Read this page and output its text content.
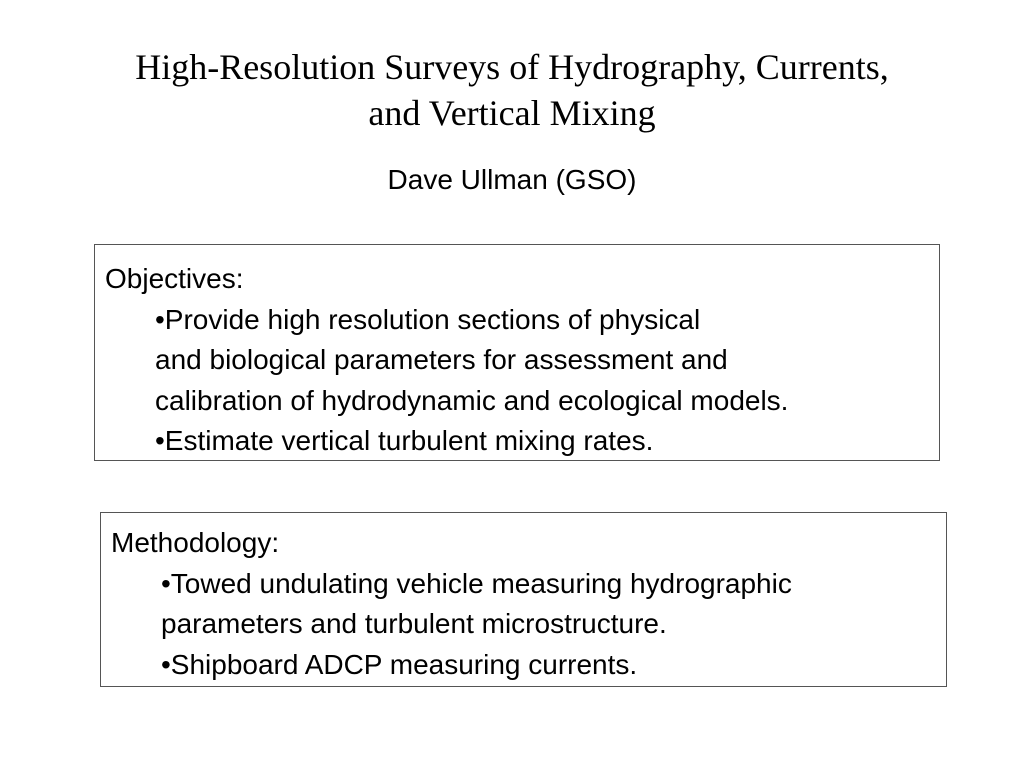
High-Resolution Surveys of Hydrography, Currents,
and Vertical Mixing
Dave Ullman (GSO)
Objectives:
•Provide high resolution sections of physical
and biological parameters for assessment and
calibration of hydrodynamic and ecological models.
•Estimate vertical turbulent mixing rates.
Methodology:
•Towed undulating vehicle measuring hydrographic
parameters and turbulent microstructure.
•Shipboard ADCP measuring currents.
